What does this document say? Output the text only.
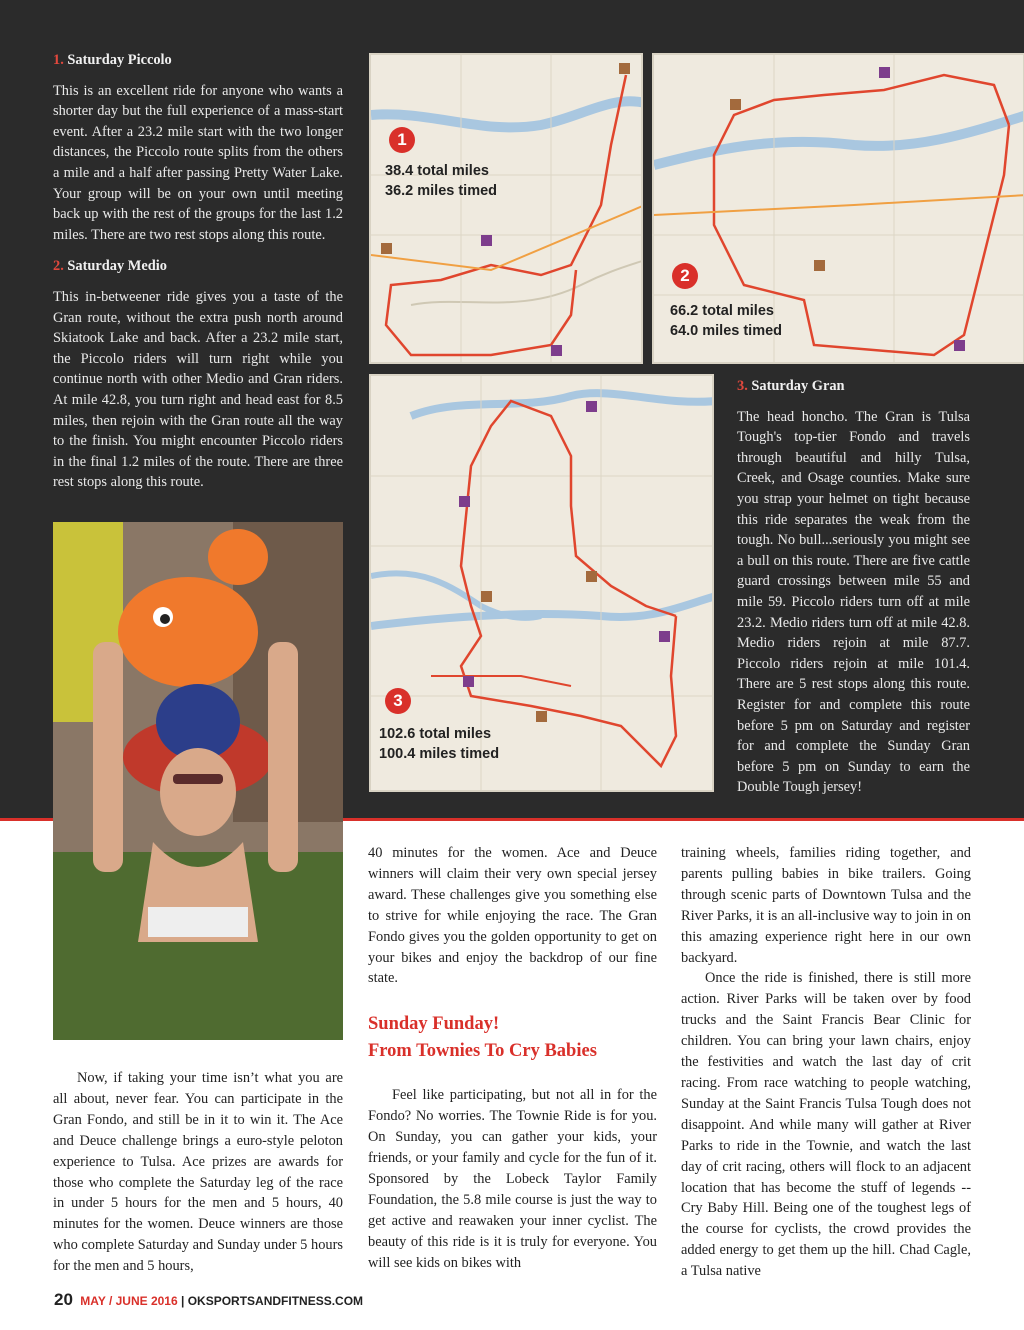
1. Saturday Piccolo

This is an excellent ride for anyone who wants a shorter day but the full experience of a mass-start event. After a 23.2 mile start with the two longer distances, the Piccolo route splits from the others a mile and a half after passing Pretty Water Lake. Your group will be on your own until meeting back up with the rest of the groups for the last 1.2 miles. There are two rest stops along this route.

2. Saturday Medio

This in-betweener ride gives you a taste of the Gran route, without the extra push north around Skiatook Lake and back. After a 23.2 mile start, the Piccolo riders will turn right while you continue north with other Medio and Gran riders. At mile 42.8, you turn right and head east for 8.5 miles, then rejoin with the Gran route all the way to the finish. You might encounter Piccolo riders in the final 1.2 miles of the route. There are three rest stops along this route.

1
38.4 total miles
36.2 miles timed
2
66.2 total miles
64.0 miles timed
3
102.6 total miles
100.4 miles timed
3. Saturday Gran

The head honcho. The Gran is Tulsa Tough's top-tier Fondo and travels through beautiful and hilly Tulsa, Creek, and Osage counties. Make sure you strap your helmet on tight because this ride separates the weak from the tough. No bull...seriously you might see a bull on this route. There are five cattle guard crossings between mile 55 and mile 59. Piccolo riders turn off at mile 23.2. Medio riders turn off at mile 42.8. Medio riders rejoin at mile 87.7. Piccolo riders rejoin at mile 101.4. There are 5 rest stops along this route. Register for and complete this route before 5 pm on Saturday and register for and complete the Sunday Gran before 5 pm on Sunday to earn the Double Tough jersey!

Now, if taking your time isn’t what you are all about, never fear. You can participate in the Gran Fondo, and still be in it to win it. The Ace and Deuce challenge brings a euro-style peloton experience to Tulsa. Ace prizes are awards for those who complete the Saturday leg of the race in under 5 hours for the men and 5 hours, 40 minutes for the women. Deuce winners are those who complete Saturday and Sunday under 5 hours for the men and 5 hours,

40 minutes for the women. Ace and Deuce winners will claim their very own special jersey award. These challenges give you something else to strive for while enjoying the race. The Gran Fondo gives you the golden opportunity to get on your bikes and enjoy the backdrop of our fine state.

Sunday Funday!
From Townies To Cry Babies

Feel like participating, but not all in for the Fondo? No worries. The Townie Ride is for you. On Sunday, you can gather your kids, your friends, or your family and cycle for the fun of it. Sponsored by the Lobeck Taylor Family Foundation, the 5.8 mile course is just the way to get active and reawaken your inner cyclist. The beauty of this ride is it is truly for everyone. You will see kids on bikes with

training wheels, families riding together, and parents pulling babies in bike trailers. Going through scenic parts of Downtown Tulsa and the River Parks, it is an all-inclusive way to join in on this amazing experience right here in our own backyard.

Once the ride is finished, there is still more action. River Parks will be taken over by food trucks and the Saint Francis Bear Clinic for children. You can bring your lawn chairs, enjoy the festivities and watch the last day of crit racing. From race watching to people watching, Sunday at the Saint Francis Tulsa Tough does not disappoint. And while many will gather at River Parks to ride in the Townie, and watch the last day of crit racing, others will flock to an adjacent location that has become the stuff of legends -- Cry Baby Hill. Being one of the toughest legs of the course for cyclists, the crowd provides the added energy to get them up the hill. Chad Cagle, a Tulsa native

20 MAY / JUNE 2016 | OKSPORTSANDFITNESS.COM
